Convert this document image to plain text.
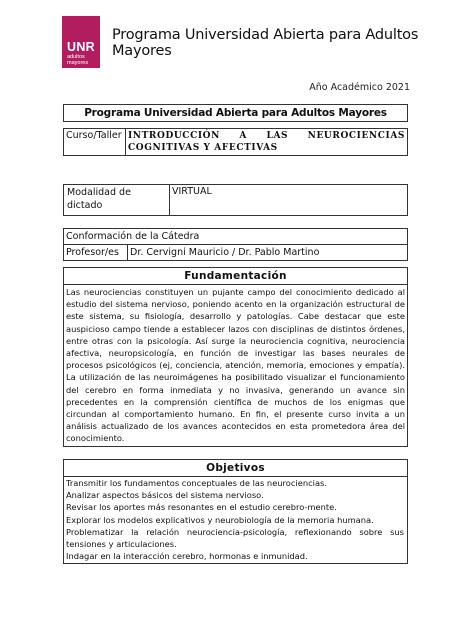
UNR
adultos
mayores
Programa Universidad Abierta para Adultos Mayores
Año Académico 2021
Programa Universidad Abierta para Adultos Mayores
Curso/Taller	INTRODUCCIÓN A LAS NEUROCIENCIAS COGNITIVAS Y AFECTIVAS
Modalidad de dictado	VIRTUAL
Conformación de la Cátedra
Profesor/es	Dr. Cervigni Mauricio / Dr. Pablo Martino
Fundamentación
Las neurociencias constituyen un pujante campo del conocimiento dedicado al estudio del sistema nervioso, poniendo acento en la organización estructural de este sistema, su fisiología, desarrollo y patologías. Cabe destacar que este auspicioso campo tiende a establecer lazos con disciplinas de distintos órdenes, entre otras con la psicología. Así surge la neurociencia cognitiva, neurociencia afectiva, neuropsicología, en función de investigar las bases neurales de procesos psicológicos (ej, conciencia, atención, memoria, emociones y empatía). La utilización de las neuroimágenes ha posibilitado visualizar el funcionamiento del cerebro en forma inmediata y no invasiva, generando un avance sin precedentes en la comprensión científica de muchos de los enigmas que circundan al comportamiento humano. En fin, el presente curso invita a un análisis actualizado de los avances acontecidos en esta prometedora área del conocimiento.
Objetivos

Transmitir los fundamentos conceptuales de las neurociencias.
Analizar aspectos básicos del sistema nervioso.
Revisar los aportes más resonantes en el estudio cerebro-mente.
Explorar los modelos explicativos y neurobiología de la memoria humana.
Problematizar la relación neurociencia-psicología, reflexionando sobre sus tensiones y articulaciones.
Indagar en la interacción cerebro, hormonas e inmunidad.
